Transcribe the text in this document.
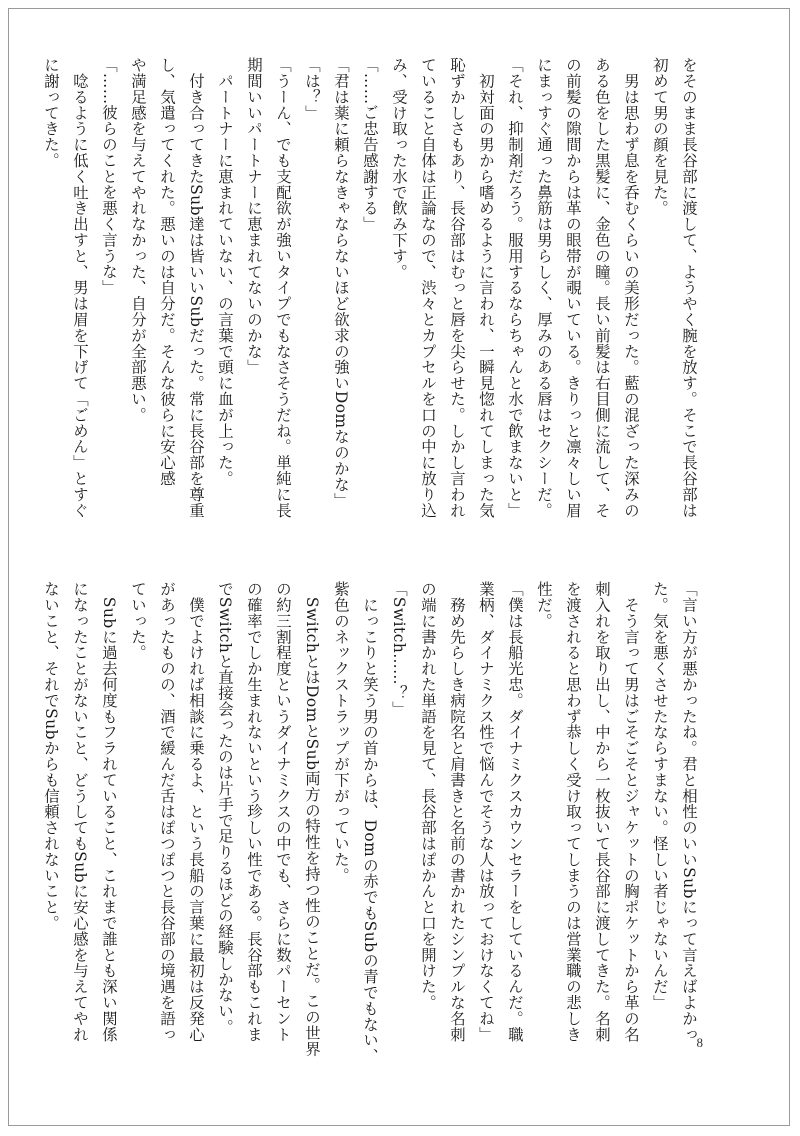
をそのまま長谷部に渡して、ようやく腕を放す。そこで長谷部は
初めて男の顔を見た。
　男は思わず息を呑むくらいの美形だった。藍の混ざった深みの
ある色をした黒髪に、金色の瞳。長い前髪は右目側に流して、そ
の前髪の隙間からは革の眼帯が覗いている。きりっと凛々しい眉
にまっすぐ通った鼻筋は男らしく、厚みのある唇はセクシーだ。
「それ、抑制剤だろう。服用するならちゃんと水で飲まないと」
　初対面の男から嗜めるように言われ、一瞬見惚れてしまった気
恥ずかしさもあり、長谷部はむっと唇を尖らせた。しかし言われ
ていること自体は正論なので、渋々とカプセルを口の中に放り込
み、受け取った水で飲み下す。
「……ご忠告感謝する」
「君は薬に頼らなきゃならないほど欲求の強いDomなのかな」
「は？」
「うーん、でも支配欲が強いタイプでもなさそうだね。単純に長
期間いいパートナーに恵まれてないのかな」
　パートナーに恵まれていない、の言葉で頭に血が上った。
　付き合ってきたSub達は皆いいSubだった。常に長谷部を尊重
し、気遣ってくれた。悪いのは自分だ。そんな彼らに安心感
や満足感を与えてやれなかった、自分が全部悪い。
「……彼らのことを悪く言うな」
　唸るように低く吐き出すと、男は眉を下げて「ごめん」とすぐ
に謝ってきた。
「言い方が悪かったね。君と相性のいいSubにって言えばよかっ
た。気を悪くさせたならすまない。怪しい者じゃないんだ」
　そう言って男はごそごそとジャケットの胸ポケットから革の名
刺入れを取り出し、中から一枚抜いて長谷部に渡してきた。名刺
を渡されると思わず恭しく受け取ってしまうのは営業職の悲しき
性だ。
「僕は長船光忠。ダイナミクスカウンセラーをしているんだ。職
業柄、ダイナミクス性で悩んでそうな人は放っておけなくてね」
　務め先らしき病院名と肩書きと名前の書かれたシンプルな名刺
の端に書かれた単語を見て、長谷部はぽかんと口を開けた。
「Switch……？」
　にっこりと笑う男の首からは、Domの赤でもSubの青でもない、
紫色のネックストラップが下がっていた。
　SwitchとはDomとSub両方の特性を持つ性のことだ。この世界
の約三割程度というダイナミクスの中でも、さらに数パーセント
の確率でしか生まれないという珍しい性である。長谷部もこれま
でSwitchと直接会ったのは片手で足りるほどの経験しかない。
　僕でよければ相談に乗るよ、という長船の言葉に最初は反発心
があったものの、酒で緩んだ舌はぽつぽつと長谷部の境遇を語っ
ていった。
　Subに過去何度もフラれていること、これまで誰とも深い関係
になったことがないこと、どうしてもSubに安心感を与えてやれ
ないこと、それでSubからも信頼されないこと。
8
